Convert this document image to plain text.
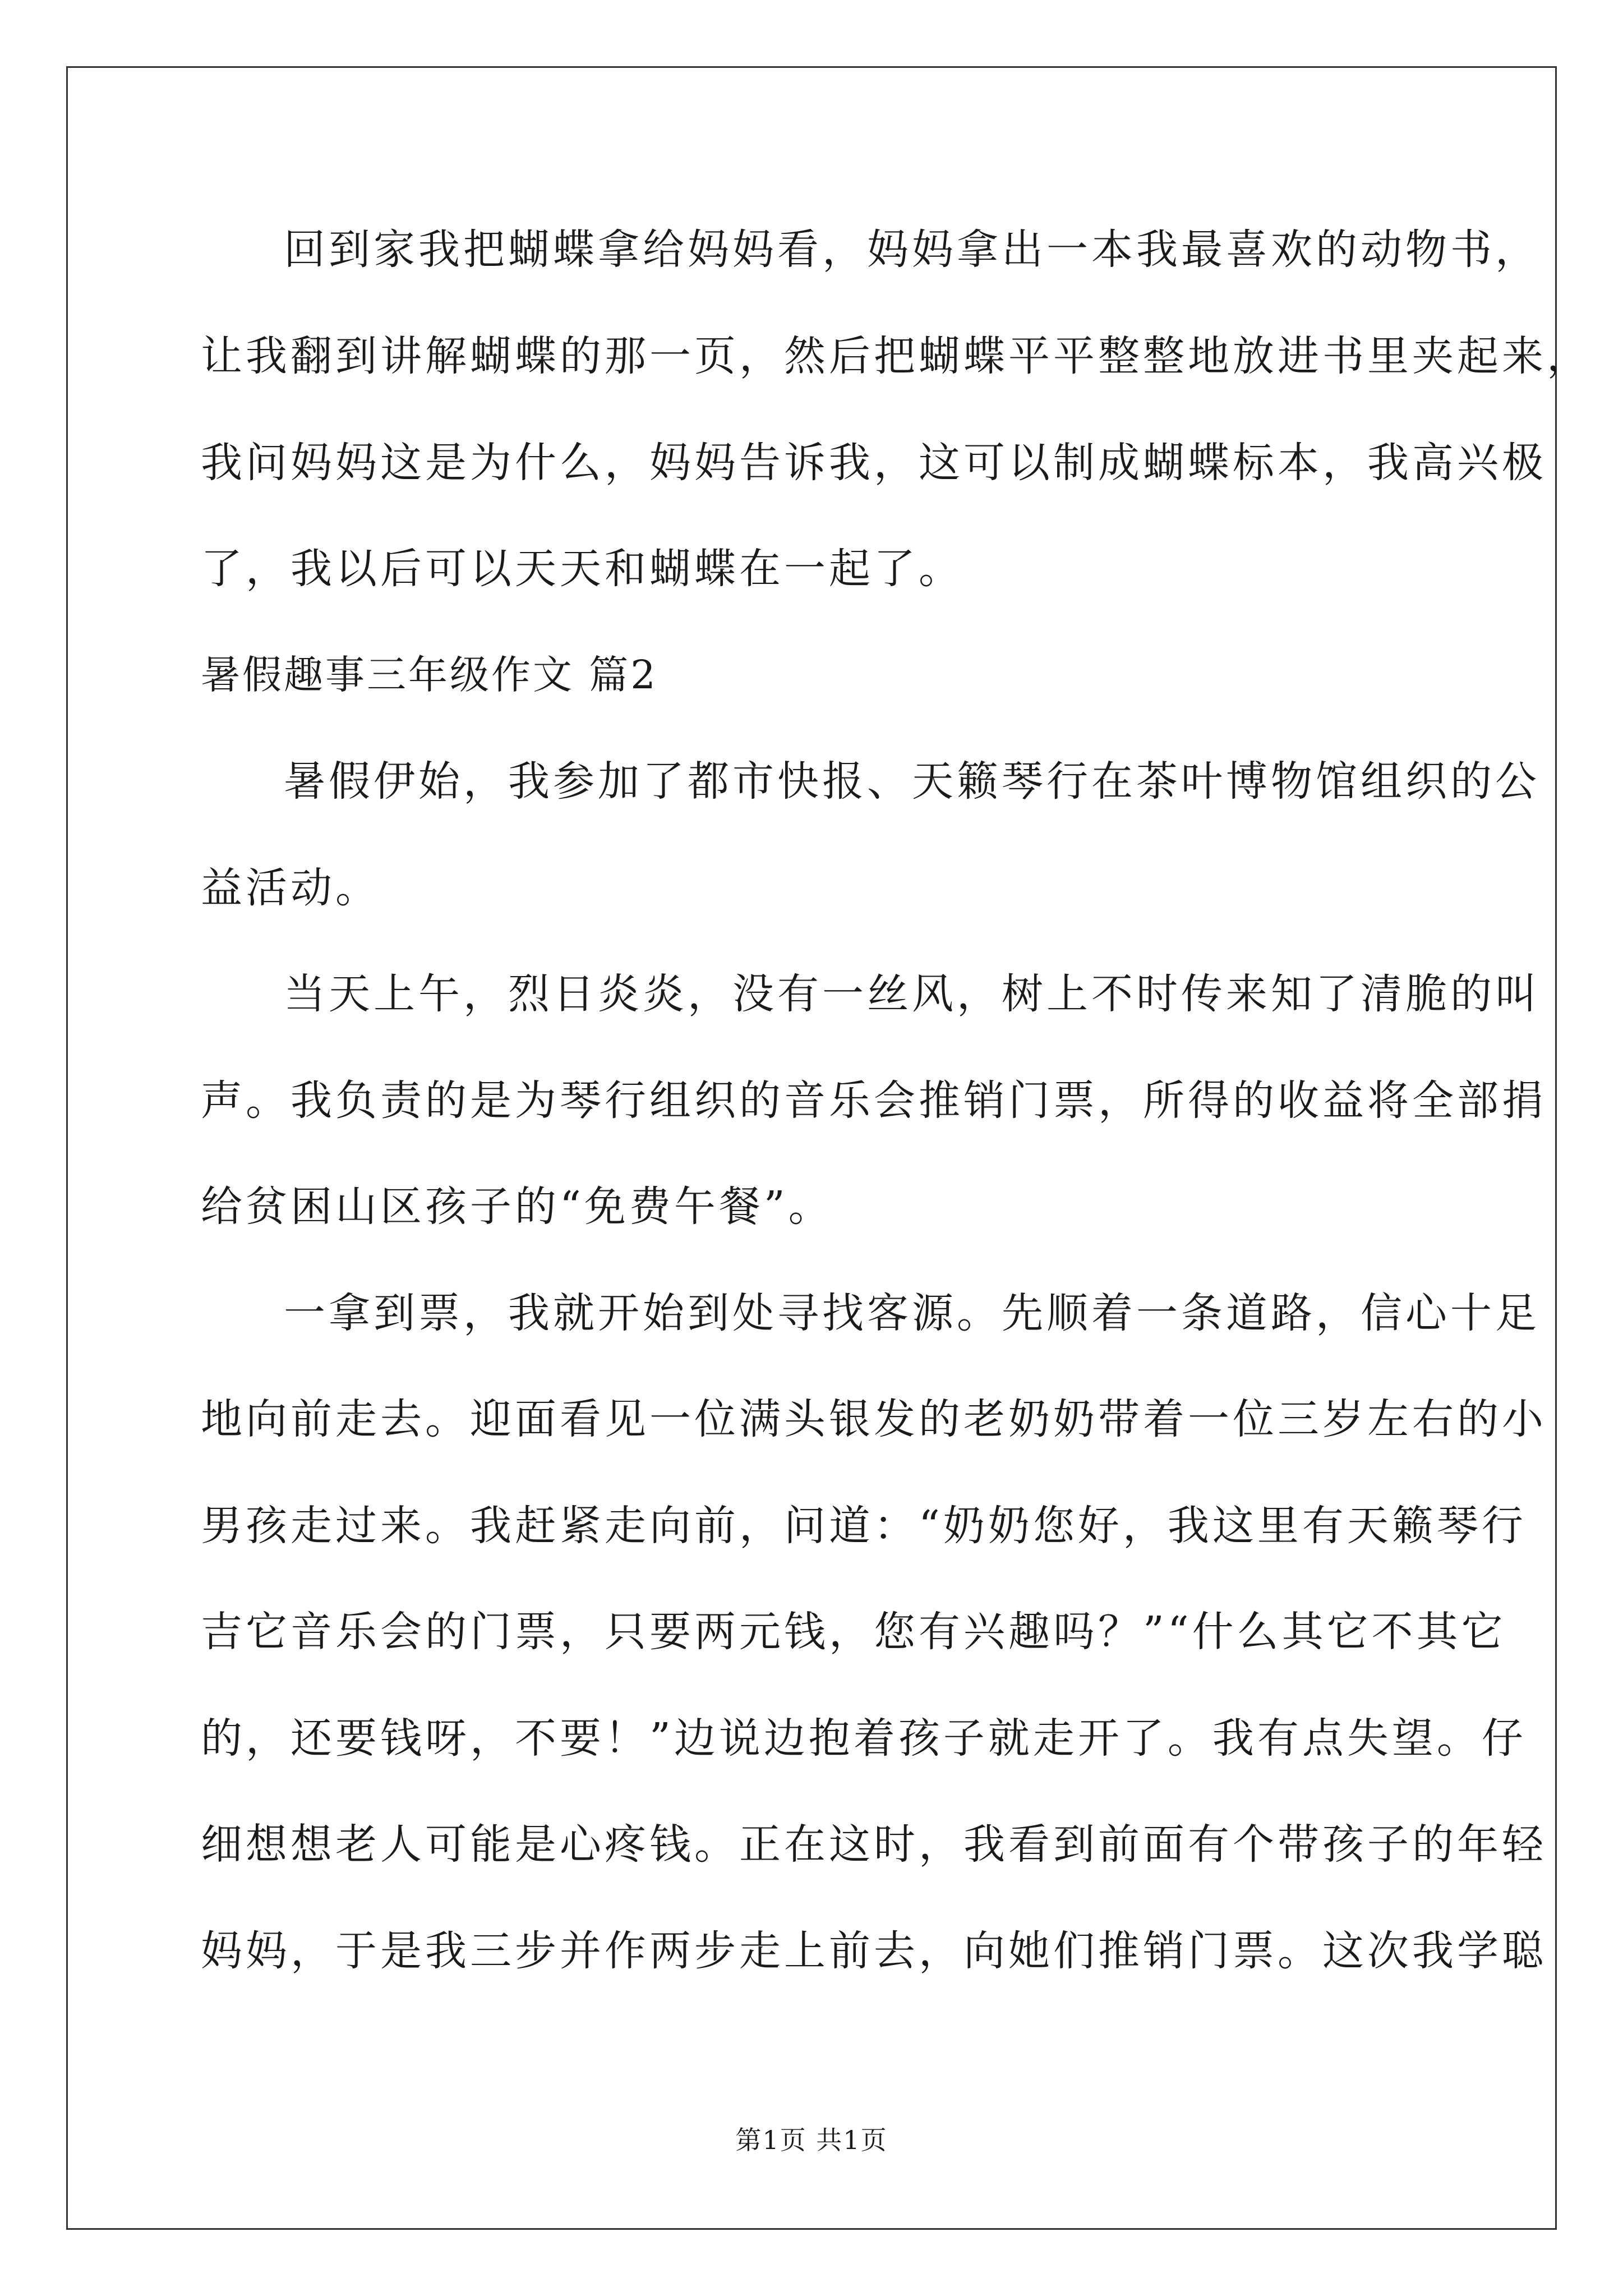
回到家我把蝴蝶拿给妈妈看，妈妈拿出一本我最喜欢的动物书，
让我翻到讲解蝴蝶的那一页，然后把蝴蝶平平整整地放进书里夹起来，
我问妈妈这是为什么，妈妈告诉我，这可以制成蝴蝶标本，我高兴极
了，我以后可以天天和蝴蝶在一起了。
暑假趣事三年级作文 篇2
暑假伊始，我参加了都市快报、天籁琴行在茶叶博物馆组织的公
益活动。
当天上午，烈日炎炎，没有一丝风，树上不时传来知了清脆的叫
声。我负责的是为琴行组织的音乐会推销门票，所得的收益将全部捐
给贫困山区孩子的“免费午餐”。
一拿到票，我就开始到处寻找客源。先顺着一条道路，信心十足
地向前走去。迎面看见一位满头银发的老奶奶带着一位三岁左右的小
男孩走过来。我赶紧走向前，问道：“奶奶您好，我这里有天籁琴行
吉它音乐会的门票，只要两元钱，您有兴趣吗？”“什么其它不其它
的，还要钱呀，不要！”边说边抱着孩子就走开了。我有点失望。仔
细想想老人可能是心疼钱。正在这时，我看到前面有个带孩子的年轻
妈妈，于是我三步并作两步走上前去，向她们推销门票。这次我学聪
第1页 共1页
